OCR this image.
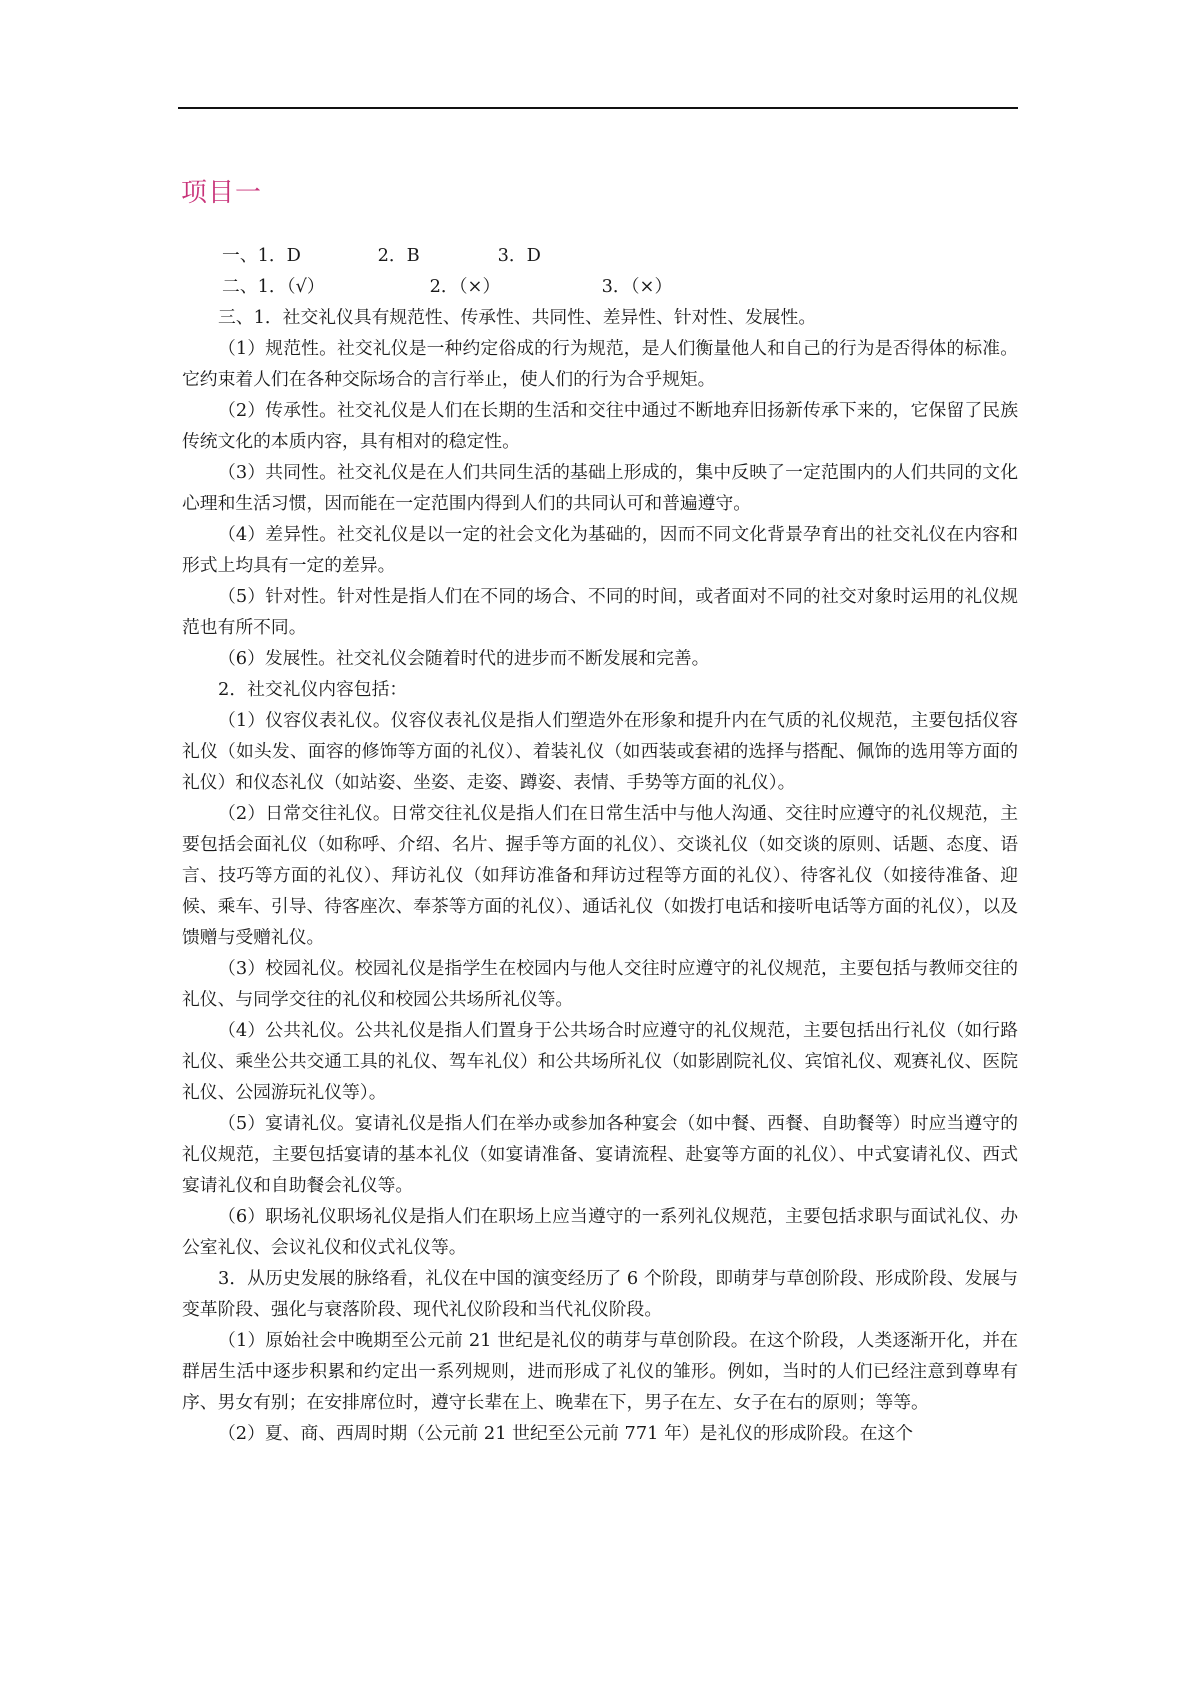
项目一
一、 1．D	2．B	3．D
二、 1．（√）	2．（×）	3．（×）

三、1．社交礼仪具有规范性、传承性、共同性、差异性、针对性、发展性。

（1）规范性。社交礼仪是一种约定俗成的行为规范，是人们衡量他人和自己的行为是否得体的标准。它约束着人们在各种交际场合的言行举止，使人们的行为合乎规矩。

（2）传承性。社交礼仪是人们在长期的生活和交往中通过不断地弃旧扬新传承下来的，它保留了民族传统文化的本质内容，具有相对的稳定性。

（3）共同性。社交礼仪是在人们共同生活的基础上形成的，集中反映了一定范围内的人们共同的文化心理和生活习惯，因而能在一定范围内得到人们的共同认可和普遍遵守。

（4）差异性。社交礼仪是以一定的社会文化为基础的，因而不同文化背景孕育出的社交礼仪在内容和形式上均具有一定的差异。

（5）针对性。针对性是指人们在不同的场合、不同的时间，或者面对不同的社交对象时运用的礼仪规范也有所不同。

（6）发展性。社交礼仪会随着时代的进步而不断发展和完善。

2．社交礼仪内容包括：

（1）仪容仪表礼仪。仪容仪表礼仪是指人们塑造外在形象和提升内在气质的礼仪规范，主要包括仪容礼仪（如头发、面容的修饰等方面的礼仪）、着装礼仪（如西装或套裙的选择与搭配、佩饰的选用等方面的礼仪）和仪态礼仪（如站姿、坐姿、走姿、蹲姿、表情、手势等方面的礼仪）。

（2）日常交往礼仪。日常交往礼仪是指人们在日常生活中与他人沟通、交往时应遵守的礼仪规范，主要包括会面礼仪（如称呼、介绍、名片、握手等方面的礼仪）、交谈礼仪（如交谈的原则、话题、态度、语言、技巧等方面的礼仪）、拜访礼仪（如拜访准备和拜访过程等方面的礼仪）、待客礼仪（如接待准备、迎候、乘车、引导、待客座次、奉茶等方面的礼仪）、通话礼仪（如拨打电话和接听电话等方面的礼仪），以及馈赠与受赠礼仪。

（3）校园礼仪。校园礼仪是指学生在校园内与他人交往时应遵守的礼仪规范，主要包括与教师交往的礼仪、与同学交往的礼仪和校园公共场所礼仪等。

（4）公共礼仪。公共礼仪是指人们置身于公共场合时应遵守的礼仪规范，主要包括出行礼仪（如行路礼仪、乘坐公共交通工具的礼仪、驾车礼仪）和公共场所礼仪（如影剧院礼仪、宾馆礼仪、观赛礼仪、医院礼仪、公园游玩礼仪等）。

（5）宴请礼仪。宴请礼仪是指人们在举办或参加各种宴会（如中餐、西餐、自助餐等）时应当遵守的礼仪规范，主要包括宴请的基本礼仪（如宴请准备、宴请流程、赴宴等方面的礼仪）、中式宴请礼仪、西式宴请礼仪和自助餐会礼仪等。

（6）职场礼仪职场礼仪是指人们在职场上应当遵守的一系列礼仪规范，主要包括求职与面试礼仪、办公室礼仪、会议礼仪和仪式礼仪等。

3．从历史发展的脉络看，礼仪在中国的演变经历了 6 个阶段，即萌芽与草创阶段、形成阶段、发展与变革阶段、强化与衰落阶段、现代礼仪阶段和当代礼仪阶段。

（1）原始社会中晚期至公元前 21 世纪是礼仪的萌芽与草创阶段。在这个阶段，人类逐渐开化，并在群居生活中逐步积累和约定出一系列规则，进而形成了礼仪的雏形。例如，当时的人们已经注意到尊卑有序、男女有别；在安排席位时，遵守长辈在上、晚辈在下，男子在左、女子在右的原则；等等。

（2）夏、商、西周时期（公元前 21 世纪至公元前 771 年）是礼仪的形成阶段。在这个
